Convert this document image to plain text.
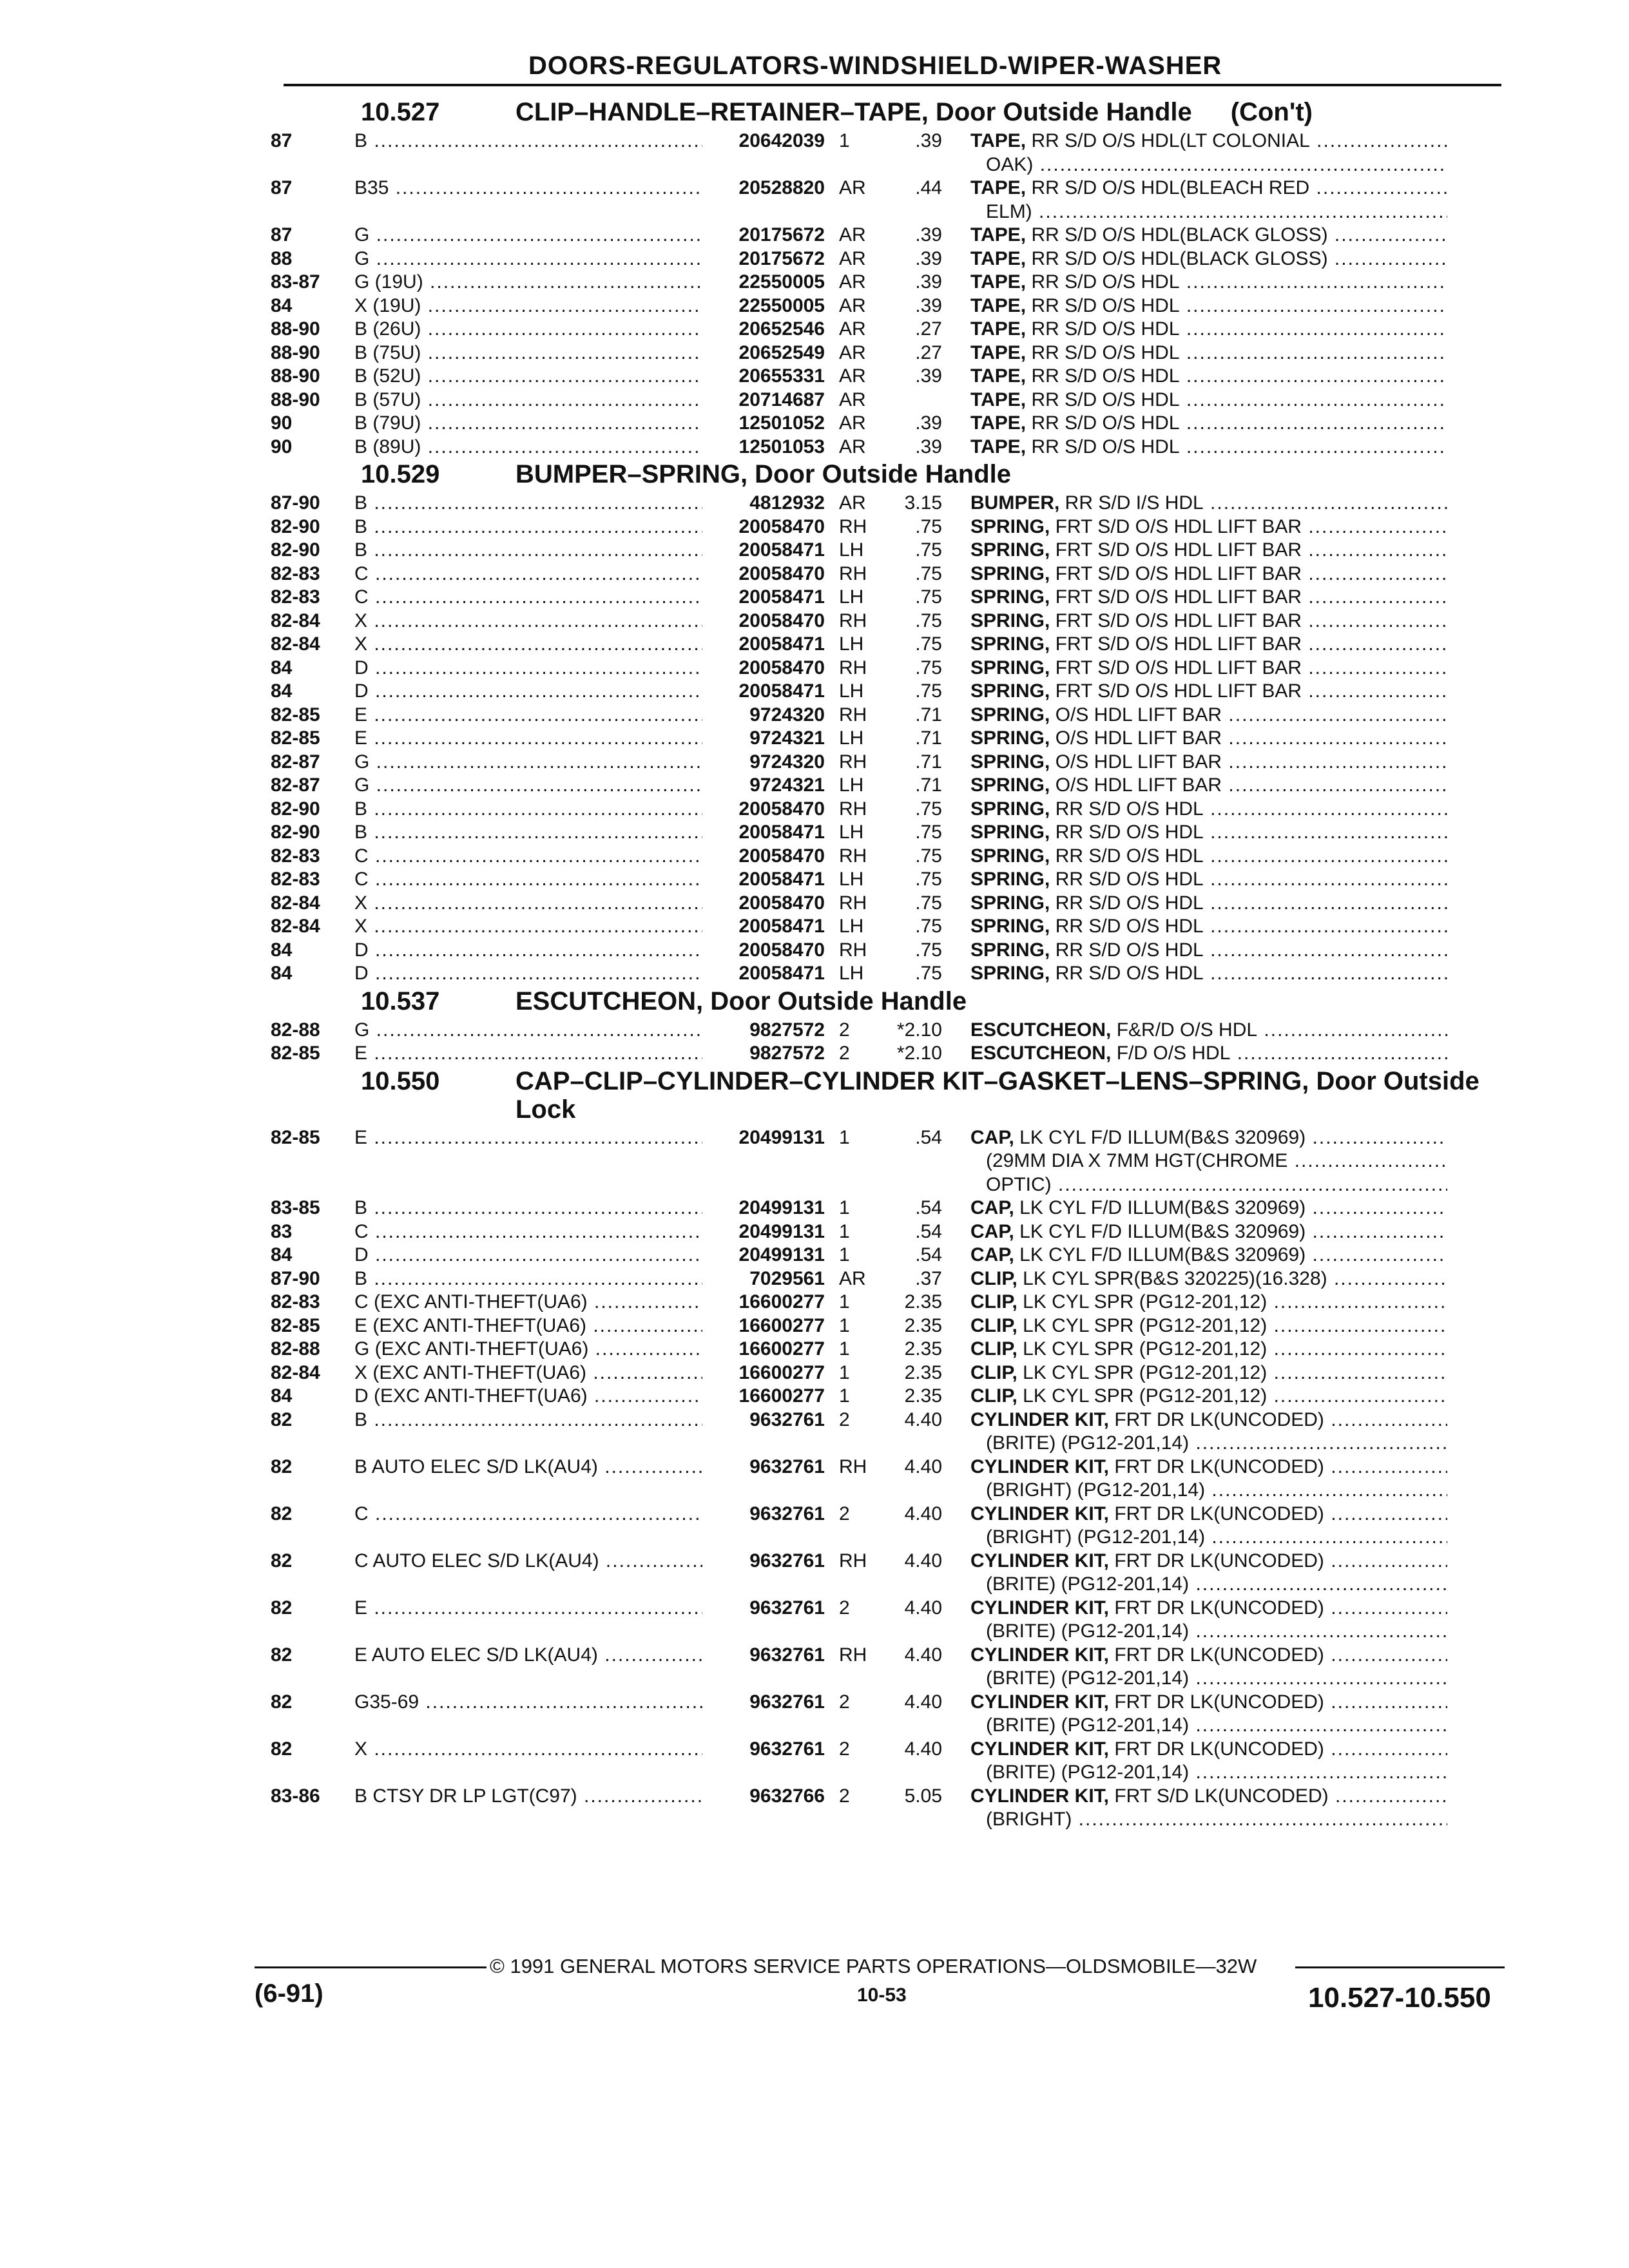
DOORS-REGULATORS-WINDSHIELD-WIPER-WASHER
10.527	CLIP–HANDLE–RETAINER–TAPE, Door Outside Handle (Con't)
87	B .....	20642039 1	.39 TAPE, RR S/D O/S HDL(LT COLONIAL .....
OAK) .....
87	B35 .....	20528820 AR	.44 TAPE, RR S/D O/S HDL(BLEACH RED .....
ELM) .....
87	G .....	20175672 AR	.39 TAPE, RR S/D O/S HDL(BLACK GLOSS) .....
88	G .....	20175672 AR	.39 TAPE, RR S/D O/S HDL(BLACK GLOSS) .....
83-87	G (19U) .....	22550005 AR	.39 TAPE, RR S/D O/S HDL .....
84	X (19U) .....	22550005 AR	.39 TAPE, RR S/D O/S HDL .....
88-90	B (26U) .....	20652546 AR	.27 TAPE, RR S/D O/S HDL .....
88-90	B (75U) .....	20652549 AR	.27 TAPE, RR S/D O/S HDL .....
88-90	B (52U) .....	20655331 AR	.39 TAPE, RR S/D O/S HDL .....
88-90	B (57U) .....	20714687 AR	TAPE, RR S/D O/S HDL .....
90	B (79U) .....	12501052 AR	.39 TAPE, RR S/D O/S HDL .....
90	B (89U) .....	12501053 AR	.39 TAPE, RR S/D O/S HDL .....
10.529	BUMPER–SPRING, Door Outside Handle
87-90	B .....	4812932 AR	3.15 BUMPER, RR S/D I/S HDL .....
82-90	B .....	20058470 RH	.75 SPRING, FRT S/D O/S HDL LIFT BAR .....
82-90	B .....	20058471 LH	.75 SPRING, FRT S/D O/S HDL LIFT BAR .....
82-83	C .....	20058470 RH	.75 SPRING, FRT S/D O/S HDL LIFT BAR .....
82-83	C .....	20058471 LH	.75 SPRING, FRT S/D O/S HDL LIFT BAR .....
82-84	X .....	20058470 RH	.75 SPRING, FRT S/D O/S HDL LIFT BAR .....
82-84	X .....	20058471 LH	.75 SPRING, FRT S/D O/S HDL LIFT BAR .....
84	D .....	20058470 RH	.75 SPRING, FRT S/D O/S HDL LIFT BAR .....
84	D .....	20058471 LH	.75 SPRING, FRT S/D O/S HDL LIFT BAR .....
82-85	E .....	9724320 RH	.71 SPRING, O/S HDL LIFT BAR .....
82-85	E .....	9724321 LH	.71 SPRING, O/S HDL LIFT BAR .....
82-87	G .....	9724320 RH	.71 SPRING, O/S HDL LIFT BAR .....
82-87	G .....	9724321 LH	.71 SPRING, O/S HDL LIFT BAR .....
82-90	B .....	20058470 RH	.75 SPRING, RR S/D O/S HDL .....
82-90	B .....	20058471 LH	.75 SPRING, RR S/D O/S HDL .....
82-83	C .....	20058470 RH	.75 SPRING, RR S/D O/S HDL .....
82-83	C .....	20058471 LH	.75 SPRING, RR S/D O/S HDL .....
82-84	X .....	20058470 RH	.75 SPRING, RR S/D O/S HDL .....
82-84	X .....	20058471 LH	.75 SPRING, RR S/D O/S HDL .....
84	D .....	20058470 RH	.75 SPRING, RR S/D O/S HDL .....
84	D .....	20058471 LH	.75 SPRING, RR S/D O/S HDL .....
10.537	ESCUTCHEON, Door Outside Handle
82-88	G .....	9827572 2	*2.10 ESCUTCHEON, F&R/D O/S HDL .....
82-85	E .....	9827572 2	*2.10 ESCUTCHEON, F/D O/S HDL .....
10.550	CAP–CLIP–CYLINDER–CYLINDER KIT–GASKET–LENS–SPRING, Door Outside Lock
82-85	E .....	20499131 1	.54 CAP, LK CYL F/D ILLUM(B&S 320969) .....
(29MM DIA X 7MM HGT(CHROME .....
OPTIC) .....
83-85	B .....	20499131 1	.54 CAP, LK CYL F/D ILLUM(B&S 320969) .....
83	C .....	20499131 1	.54 CAP, LK CYL F/D ILLUM(B&S 320969) .....
84	D .....	20499131 1	.54 CAP, LK CYL F/D ILLUM(B&S 320969) .....
87-90	B .....	7029561 AR	.37 CLIP, LK CYL SPR(B&S 320225)(16.328) .....
82-83	C (EXC ANTI-THEFT(UA6) .....	16600277 1	2.35 CLIP, LK CYL SPR (PG12-201,12) .....
82-85	E (EXC ANTI-THEFT(UA6) .....	16600277 1	2.35 CLIP, LK CYL SPR (PG12-201,12) .....
82-88	G (EXC ANTI-THEFT(UA6) .....	16600277 1	2.35 CLIP, LK CYL SPR (PG12-201,12) .....
82-84	X (EXC ANTI-THEFT(UA6) .....	16600277 1	2.35 CLIP, LK CYL SPR (PG12-201,12) .....
84	D (EXC ANTI-THEFT(UA6) .....	16600277 1	2.35 CLIP, LK CYL SPR (PG12-201,12) .....
82	B .....	9632761 2	4.40 CYLINDER KIT, FRT DR LK(UNCODED) .....
(BRITE) (PG12-201,14) .....
82	B AUTO ELEC S/D LK(AU4) .....	9632761 RH	4.40 CYLINDER KIT, FRT DR LK(UNCODED) .....
(BRIGHT) (PG12-201,14) .....
82	C .....	9632761 2	4.40 CYLINDER KIT, FRT DR LK(UNCODED) .....
(BRIGHT) (PG12-201,14) .....
82	C AUTO ELEC S/D LK(AU4) .....	9632761 RH	4.40 CYLINDER KIT, FRT DR LK(UNCODED) .....
(BRITE) (PG12-201,14) .....
82	E .....	9632761 2	4.40 CYLINDER KIT, FRT DR LK(UNCODED) .....
(BRITE) (PG12-201,14) .....
82	E AUTO ELEC S/D LK(AU4) .....	9632761 RH	4.40 CYLINDER KIT, FRT DR LK(UNCODED) .....
(BRITE) (PG12-201,14) .....
82	G35-69 .....	9632761 2	4.40 CYLINDER KIT, FRT DR LK(UNCODED) .....
(BRITE) (PG12-201,14) .....
82	X .....	9632761 2	4.40 CYLINDER KIT, FRT DR LK(UNCODED) .....
(BRITE) (PG12-201,14) .....
83-86	B CTSY DR LP LGT(C97) .....	9632766 2	5.05 CYLINDER KIT, FRT S/D LK(UNCODED) .....
(BRIGHT) .....
© 1991 GENERAL MOTORS SERVICE PARTS OPERATIONS—OLDSMOBILE—32W
(6-91)	10-53	10.527-10.550
